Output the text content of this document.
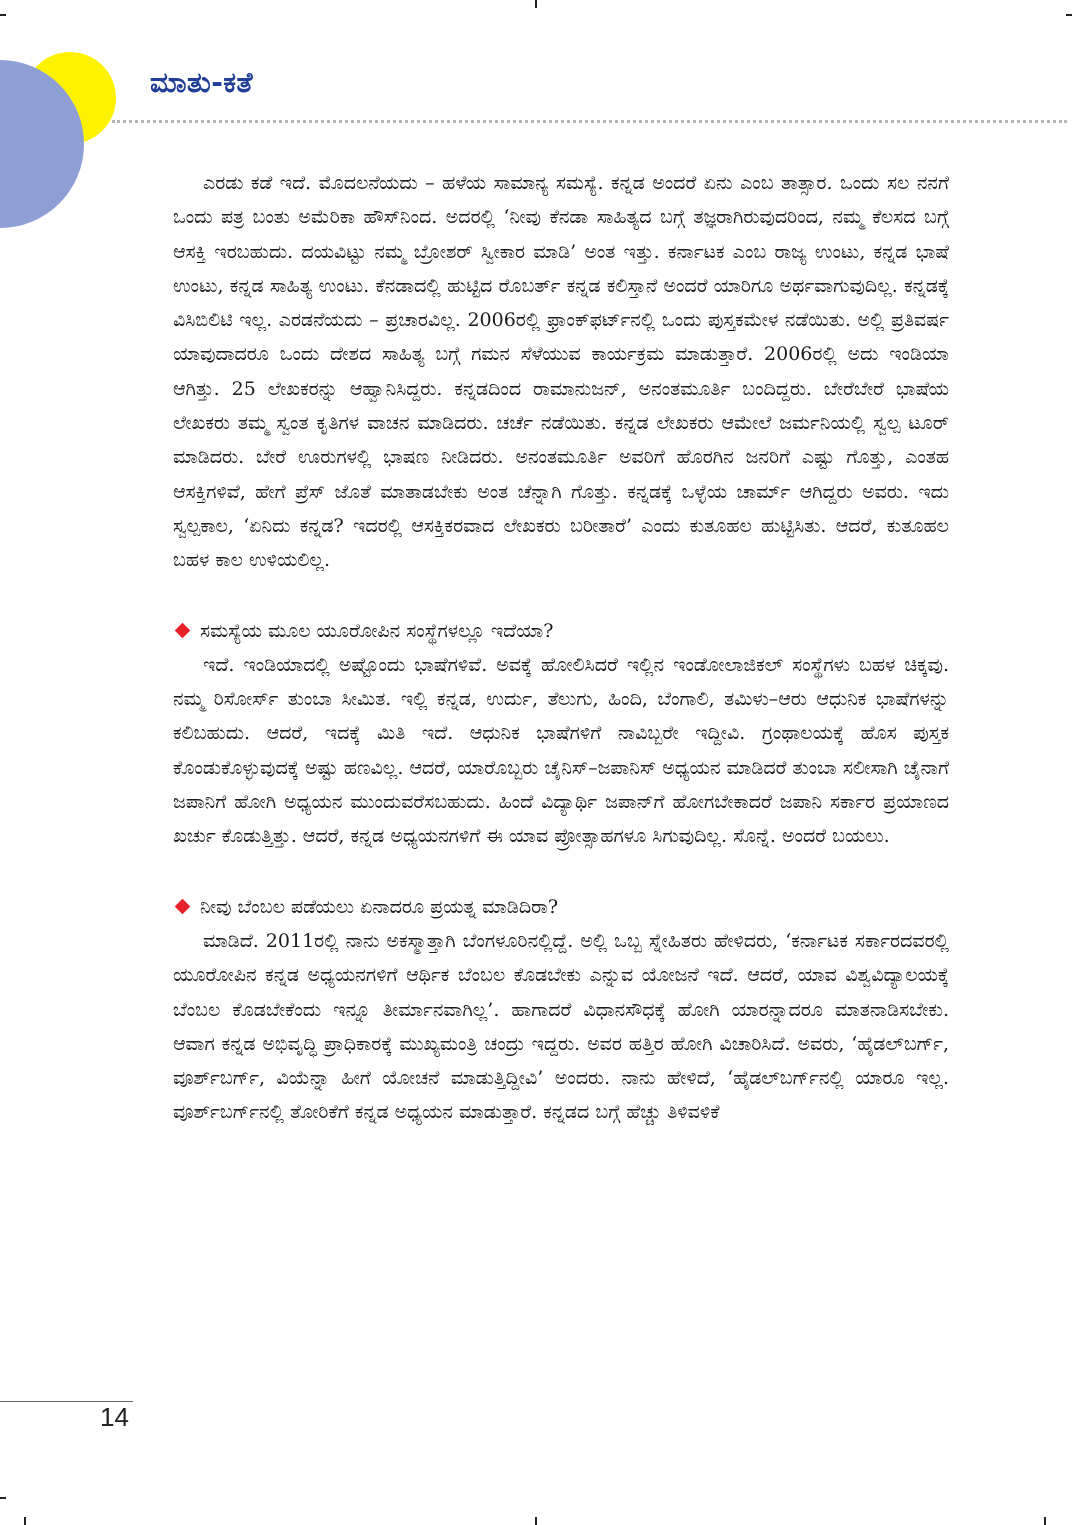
ಮಾತು-ಕತೆ

ಎರಡು ಕಡೆ ಇದೆ. ಮೊದಲನೆಯದು – ಹಳೆಯ ಸಾಮಾನ್ಯ ಸಮಸ್ಯೆ. ಕನ್ನಡ ಅಂದರೆ ಏನು ಎಂಬ ತಾತ್ಸಾರ. ಒಂದು ಸಲ ನನಗೆ ಒಂದು ಪತ್ರ ಬಂತು ಅಮೆರಿಕಾ ಹೌಸ್‌ನಿಂದ. ಅದರಲ್ಲಿ ‘ನೀವು ಕೆನಡಾ ಸಾಹಿತ್ಯದ ಬಗ್ಗೆ ತಜ್ಞರಾಗಿರುವುದರಿಂದ, ನಮ್ಮ ಕೆಲಸದ ಬಗ್ಗೆ ಆಸಕ್ತಿ ಇರಬಹುದು. ದಯವಿಟ್ಟು ನಮ್ಮ ಬ್ರೋಶರ್ ಸ್ವೀಕಾರ ಮಾಡಿ’ ಅಂತ ಇತ್ತು. ಕರ್ನಾಟಕ ಎಂಬ ರಾಜ್ಯ ಉಂಟು, ಕನ್ನಡ ಭಾಷೆ ಉಂಟು, ಕನ್ನಡ ಸಾಹಿತ್ಯ ಉಂಟು. ಕೆನಡಾದಲ್ಲಿ ಹುಟ್ಟಿದ ರೊಬರ್ತ್ ಕನ್ನಡ ಕಲಿಸ್ತಾನೆ ಅಂದರೆ ಯಾರಿಗೂ ಅರ್ಥವಾಗುವುದಿಲ್ಲ. ಕನ್ನಡಕ್ಕೆ ವಿಸಿಬಿಲಿಟಿ ಇಲ್ಲ. ಎರಡನೆಯದು – ಪ್ರಚಾರವಿಲ್ಲ. 2006ರಲ್ಲಿ ಫ್ರಾಂಕ್‌ಫರ್ಟ್‌ನಲ್ಲಿ ಒಂದು ಪುಸ್ತಕಮೇಳ ನಡೆಯಿತು. ಅಲ್ಲಿ ಪ್ರತಿವರ್ಷ ಯಾವುದಾದರೂ ಒಂದು ದೇಶದ ಸಾಹಿತ್ಯ ಬಗ್ಗೆ ಗಮನ ಸೆಳೆಯುವ ಕಾರ್ಯಕ್ರಮ ಮಾಡುತ್ತಾರೆ. 2006ರಲ್ಲಿ ಅದು ಇಂಡಿಯಾ ಆಗಿತ್ತು. 25 ಲೇಖಕರನ್ನು ಆಹ್ವಾನಿಸಿದ್ದರು. ಕನ್ನಡದಿಂದ ರಾಮಾನುಜನ್, ಅನಂತಮೂರ್ತಿ ಬಂದಿದ್ದರು. ಬೇರೆಬೇರೆ ಭಾಷೆಯ ಲೇಖಕರು ತಮ್ಮ ಸ್ವಂತ ಕೃತಿಗಳ ವಾಚನ ಮಾಡಿದರು. ಚರ್ಚೆ ನಡೆಯಿತು. ಕನ್ನಡ ಲೇಖಕರು ಆಮೇಲೆ ಜರ್ಮನಿಯಲ್ಲಿ ಸ್ವಲ್ಪ ಟೂರ್ ಮಾಡಿದರು. ಬೇರೆ ಊರುಗಳಲ್ಲಿ ಭಾಷಣ ನೀಡಿದರು. ಅನಂತಮೂರ್ತಿ ಅವರಿಗೆ ಹೊರಗಿನ ಜನರಿಗೆ ಎಷ್ಟು ಗೊತ್ತು, ಎಂತಹ ಆಸಕ್ತಿಗಳಿವೆ, ಹೇಗೆ ಪ್ರೆಸ್ ಜೊತೆ ಮಾತಾಡಬೇಕು ಅಂತ ಚೆನ್ನಾಗಿ ಗೊತ್ತು. ಕನ್ನಡಕ್ಕೆ ಒಳ್ಳೆಯ ಚಾರ್ಮ್ ಆಗಿದ್ದರು ಅವರು. ಇದು ಸ್ವಲ್ಪಕಾಲ, ‘ಏನಿದು ಕನ್ನಡ? ಇದರಲ್ಲಿ ಆಸಕ್ತಿಕರವಾದ ಲೇಖಕರು ಬರೀತಾರೆ’ ಎಂದು ಕುತೂಹಲ ಹುಟ್ಟಿಸಿತು. ಆದರೆ, ಕುತೂಹಲ ಬಹಳ ಕಾಲ ಉಳಿಯಲಿಲ್ಲ.

ಸಮಸ್ಯೆಯ ಮೂಲ ಯೂರೋಪಿನ ಸಂಸ್ಥೆಗಳಲ್ಲೂ ಇದೆಯಾ?

ಇದೆ. ಇಂಡಿಯಾದಲ್ಲಿ ಅಷ್ಟೊಂದು ಭಾಷೆಗಳಿವೆ. ಅವಕ್ಕೆ ಹೋಲಿಸಿದರೆ ಇಲ್ಲಿನ ಇಂಡೋಲಾಜಿಕಲ್ ಸಂಸ್ಥೆಗಳು ಬಹಳ ಚಿಕ್ಕವು. ನಮ್ಮ ರಿಸೋರ್ಸ್ ತುಂಬಾ ಸೀಮಿತ. ಇಲ್ಲಿ ಕನ್ನಡ, ಉರ್ದು, ತೆಲುಗು, ಹಿಂದಿ, ಬೆಂಗಾಲಿ, ತಮಿಳು–ಆರು ಆಧುನಿಕ ಭಾಷೆಗಳನ್ನು ಕಲಿಬಹುದು. ಆದರೆ, ಇದಕ್ಕೆ ಮಿತಿ ಇದೆ. ಆಧುನಿಕ ಭಾಷೆಗಳಿಗೆ ನಾವಿಬ್ಬರೇ ಇದ್ದೀವಿ. ಗ್ರಂಥಾಲಯಕ್ಕೆ ಹೊಸ ಪುಸ್ತಕ ಕೊಂಡುಕೊಳ್ಳುವುದಕ್ಕೆ ಅಷ್ಟು ಹಣವಿಲ್ಲ. ಆದರೆ, ಯಾರೊಬ್ಬರು ಚೈನಿಸ್–ಜಪಾನಿಸ್ ಅಧ್ಯಯನ ಮಾಡಿದರೆ ತುಂಬಾ ಸಲೀಸಾಗಿ ಚೈನಾಗೆ ಜಪಾನಿಗೆ ಹೋಗಿ ಅಧ್ಯಯನ ಮುಂದುವರೆಸಬಹುದು. ಹಿಂದೆ ವಿದ್ಯಾರ್ಥಿ ಜಪಾನ್‌ಗೆ ಹೋಗಬೇಕಾದರೆ ಜಪಾನಿ ಸರ್ಕಾರ ಪ್ರಯಾಣದ ಖರ್ಚು ಕೊಡುತ್ತಿತ್ತು. ಆದರೆ, ಕನ್ನಡ ಅಧ್ಯಯನಗಳಿಗೆ ಈ ಯಾವ ಪ್ರೋತ್ಸಾಹಗಳೂ ಸಿಗುವುದಿಲ್ಲ. ಸೊನ್ನೆ. ಅಂದರೆ ಬಯಲು.

ನೀವು ಬೆಂಬಲ ಪಡೆಯಲು ಏನಾದರೂ ಪ್ರಯತ್ನ ಮಾಡಿದಿರಾ?

ಮಾಡಿದೆ. 2011ರಲ್ಲಿ ನಾನು ಅಕಸ್ಮಾತ್ತಾಗಿ ಬೆಂಗಳೂರಿನಲ್ಲಿದ್ದೆ. ಅಲ್ಲಿ ಒಬ್ಬ ಸ್ನೇಹಿತರು ಹೇಳಿದರು, ‘ಕರ್ನಾಟಕ ಸರ್ಕಾರದವರಲ್ಲಿ ಯೂರೋಪಿನ ಕನ್ನಡ ಅಧ್ಯಯನಗಳಿಗೆ ಆರ್ಥಿಕ ಬೆಂಬಲ ಕೊಡಬೇಕು ಎನ್ನುವ ಯೋಜನೆ ಇದೆ. ಆದರೆ, ಯಾವ ವಿಶ್ವವಿದ್ಯಾಲಯಕ್ಕೆ ಬೆಂಬಲ ಕೊಡಬೇಕೆಂದು ಇನ್ನೂ ತೀರ್ಮಾನವಾಗಿಲ್ಲ’. ಹಾಗಾದರೆ ವಿಧಾನಸೌಧಕ್ಕೆ ಹೋಗಿ ಯಾರನ್ನಾದರೂ ಮಾತನಾಡಿಸಬೇಕು. ಆವಾಗ ಕನ್ನಡ ಅಭಿವೃದ್ಧಿ ಪ್ರಾಧಿಕಾರಕ್ಕೆ ಮುಖ್ಯಮಂತ್ರಿ ಚಂದ್ರು ಇದ್ದರು. ಅವರ ಹತ್ತಿರ ಹೋಗಿ ವಿಚಾರಿಸಿದೆ. ಅವರು, ‘ಹೈಡಲ್‌ಬರ್ಗ್, ವೂರ್ಶ್‌ಬರ್ಗ್, ವಿಯೆನ್ನಾ ಹೀಗೆ ಯೋಚನೆ ಮಾಡುತ್ತಿದ್ದೀವಿ’ ಅಂದರು. ನಾನು ಹೇಳಿದೆ, ‘ಹೈಡಲ್‌ಬರ್ಗ್‌ನಲ್ಲಿ ಯಾರೂ ಇಲ್ಲ. ವೂರ್ಶ್‌ಬರ್ಗ್‌ನಲ್ಲಿ ತೋರಿಕೆಗೆ ಕನ್ನಡ ಅಧ್ಯಯನ ಮಾಡುತ್ತಾರೆ. ಕನ್ನಡದ ಬಗ್ಗೆ ಹೆಚ್ಚು ತಿಳಿವಳಿಕೆ

14
